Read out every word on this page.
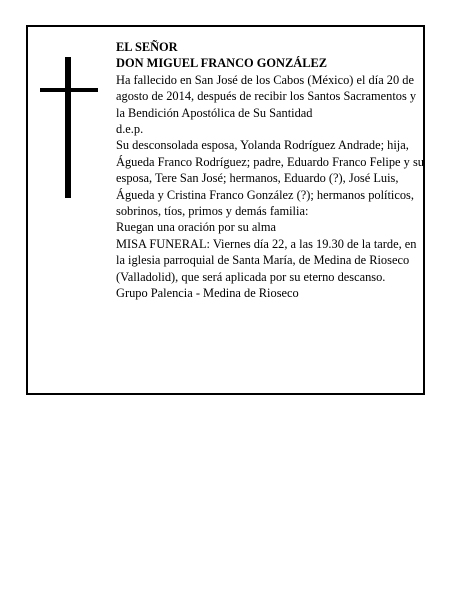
EL SEÑOR

DON MIGUEL FRANCO GONZÁLEZ

Ha fallecido en San José de los Cabos (México) el día 20 de agosto de 2014, después de recibir los Santos Sacramentos y la Bendición Apostólica de Su Santidad

d.e.p.

Su desconsolada esposa, Yolanda Rodríguez Andrade; hija, Águeda Franco Rodríguez; padre, Eduardo Franco Felipe y su esposa, Tere San José; hermanos, Eduardo (?), José Luis, Águeda y Cristina Franco González (?); hermanos políticos, sobrinos, tíos, primos y demás familia:

Ruegan una oración por su alma

MISA FUNERAL: Viernes día 22, a las 19.30 de la tarde, en la iglesia parroquial de Santa María, de Medina de Rioseco (Valladolid), que será aplicada por su eterno descanso.

Grupo Palencia - Medina de Rioseco
